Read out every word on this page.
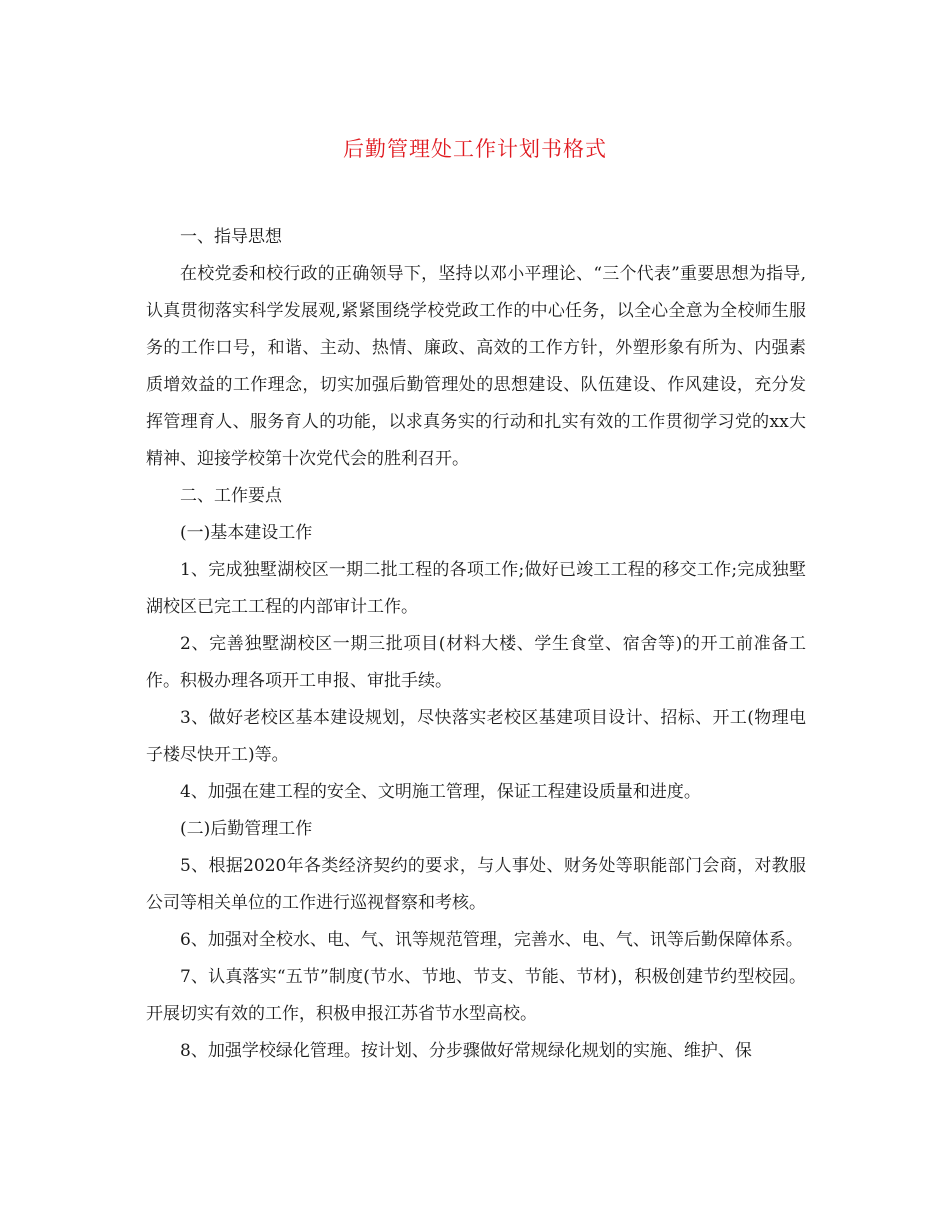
后勤管理处工作计划书格式

一、指导思想

在校党委和校行政的正确领导下，坚持以邓小平理论、“三个代表”重要思想为指导,认真贯彻落实科学发展观,紧紧围绕学校党政工作的中心任务，以全心全意为全校师生服务的工作口号，和谐、主动、热情、廉政、高效的工作方针，外塑形象有所为、内强素质增效益的工作理念，切实加强后勤管理处的思想建设、队伍建设、作风建设，充分发挥管理育人、服务育人的功能，以求真务实的行动和扎实有效的工作贯彻学习党的xx大精神、迎接学校第十次党代会的胜利召开。

二、工作要点

(一)基本建设工作

1、完成独墅湖校区一期二批工程的各项工作;做好已竣工工程的移交工作;完成独墅湖校区已完工工程的内部审计工作。

2、完善独墅湖校区一期三批项目(材料大楼、学生食堂、宿舍等)的开工前准备工作。积极办理各项开工申报、审批手续。

3、做好老校区基本建设规划，尽快落实老校区基建项目设计、招标、开工(物理电子楼尽快开工)等。

4、加强在建工程的安全、文明施工管理，保证工程建设质量和进度。

(二)后勤管理工作

5、根据2020年各类经济契约的要求，与人事处、财务处等职能部门会商，对教服公司等相关单位的工作进行巡视督察和考核。

6、加强对全校水、电、气、讯等规范管理，完善水、电、气、讯等后勤保障体系。

7、认真落实“五节”制度(节水、节地、节支、节能、节材)，积极创建节约型校园。开展切实有效的工作，积极申报江苏省节水型高校。

8、加强学校绿化管理。按计划、分步骤做好常规绿化规划的实施、维护、保
